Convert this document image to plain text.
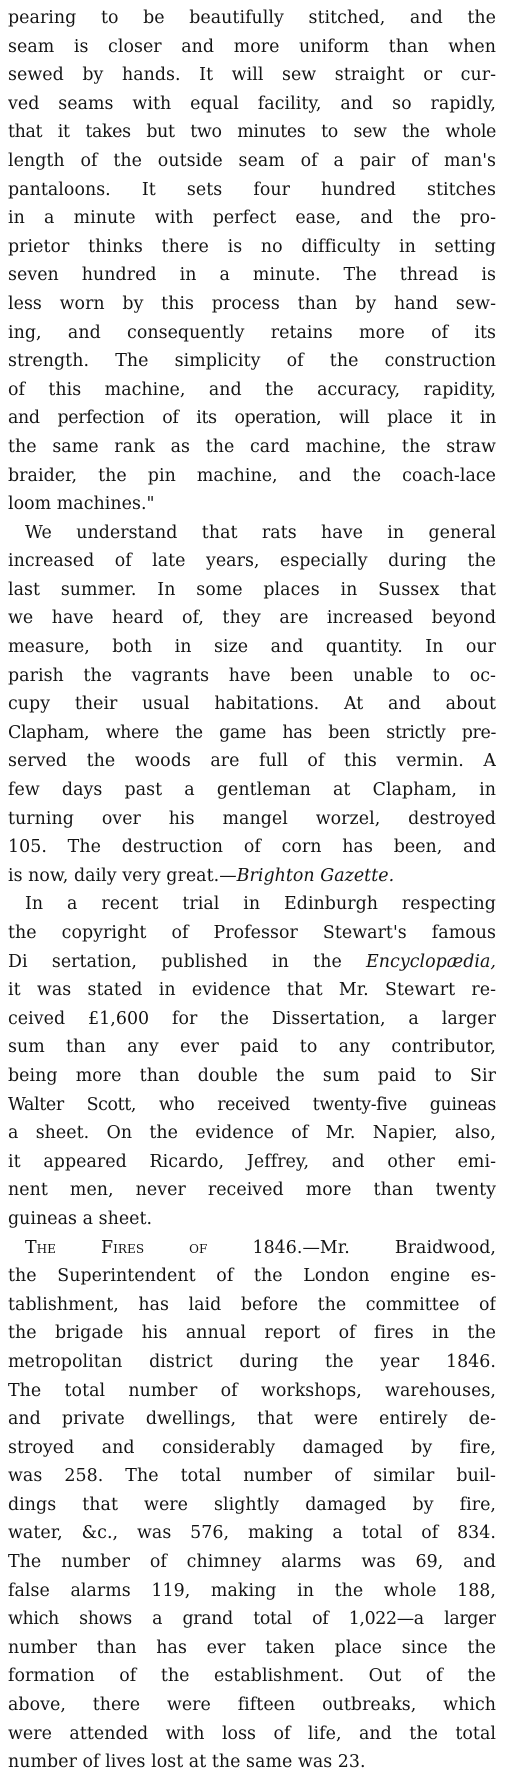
pearing to be beautifully stitched, and the
seam is closer and more uniform than when
sewed by hands. It will sew straight or cur-
ved seams with equal facility, and so rapidly,
that it takes but two minutes to sew the whole
length of the outside seam of a pair of man's
pantaloons. It sets four hundred stitches
in a minute with perfect ease, and the pro-
prietor thinks there is no difficulty in setting
seven hundred in a minute. The thread is
less worn by this process than by hand sew-
ing, and consequently retains more of its
strength. The simplicity of the construction
of this machine, and the accuracy, rapidity,
and perfection of its operation, will place it in
the same rank as the card machine, the straw
braider, the pin machine, and the coach-lace
loom machines."
We understand that rats have in general
increased of late years, especially during the
last summer. In some places in Sussex that
we have heard of, they are increased beyond
measure, both in size and quantity. In our
parish the vagrants have been unable to oc-
cupy their usual habitations. At and about
Clapham, where the game has been strictly pre-
served the woods are full of this vermin. A
few days past a gentleman at Clapham, in
turning over his mangel worzel, destroyed
105. The destruction of corn has been, and
is now, daily very great.—Brighton Gazette.
In a recent trial in Edinburgh respecting
the copyright of Professor Stewart's famous
Di sertation, published in the Encyclopædia,
it was stated in evidence that Mr. Stewart re-
ceived £1,600 for the Dissertation, a larger
sum than any ever paid to any contributor,
being more than double the sum paid to Sir
Walter Scott, who received twenty-five guineas
a sheet. On the evidence of Mr. Napier, also,
it appeared Ricardo, Jeffrey, and other emi-
nent men, never received more than twenty
guineas a sheet.
The Fires of 1846.—Mr. Braidwood,
the Superintendent of the London engine es-
tablishment, has laid before the committee of
the brigade his annual report of fires in the
metropolitan district during the year 1846.
The total number of workshops, warehouses,
and private dwellings, that were entirely de-
stroyed and considerably damaged by fire,
was 258. The total number of similar buil-
dings that were slightly damaged by fire,
water, &c., was 576, making a total of 834.
The number of chimney alarms was 69, and
false alarms 119, making in the whole 188,
which shows a grand total of 1,022—a larger
number than has ever taken place since the
formation of the establishment. Out of the
above, there were fifteen outbreaks, which
were attended with loss of life, and the total
number of lives lost at the same was 23.
